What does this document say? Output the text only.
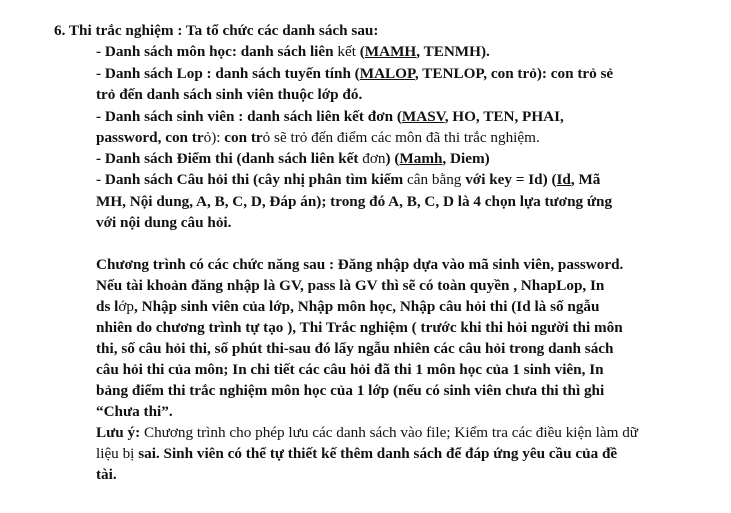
6. Thi trắc nghiệm : Ta tổ chức các danh sách sau:
- Danh sách môn học: danh sách liên kết (MAMH, TENMH).
- Danh sách Lop : danh sách tuyến tính (MALOP, TENLOP, con trỏ): con trỏ sẻ
trỏ đến danh sách sinh viên thuộc lớp đó.
- Danh sách sinh viên : danh sách liên kết đơn (MASV, HO, TEN, PHAI,
password, con trỏ): con trỏ sẽ trỏ đến điểm các môn đã thi trắc nghiệm.
- Danh sách Điểm thi (danh sách liên kết đơn) (Mamh, Diem)
- Danh sách Câu hỏi thi (cây nhị phân tìm kiếm cân bằng với key = Id) (Id, Mã
MH, Nội dung, A, B, C, D, Đáp án); trong đó A, B, C, D là 4 chọn lựa tương ứng
với nội dung câu hỏi.
Chương trình có các chức năng sau : Đăng nhập dựa vào mã sinh viên, password.
Nếu tài khoản đăng nhập là GV, pass là GV thì sẽ có toàn quyền , NhapLop, In
ds lớp, Nhập sinh viên của lớp, Nhập môn học, Nhập câu hỏi thi (Id là số ngẫu
nhiên do chương trình tự tạo ), Thi Trắc nghiệm ( trước khi thi hỏi người thi môn
thi, số câu hỏi thi, số phút thi-sau đó lấy ngẫu nhiên các câu hỏi trong danh sách
câu hỏi thi của môn; In chi tiết các câu hỏi đã thi 1 môn học của 1 sinh viên, In
bảng điểm thi trắc nghiệm môn học của 1 lớp (nếu có sinh viên chưa thi thì ghi
“Chưa thi”.
Lưu ý: Chương trình cho phép lưu các danh sách vào file; Kiểm tra các điều kiện làm dữ
liệu bị sai. Sinh viên có thể tự thiết kế thêm danh sách để đáp ứng yêu cầu của đề
tài.
